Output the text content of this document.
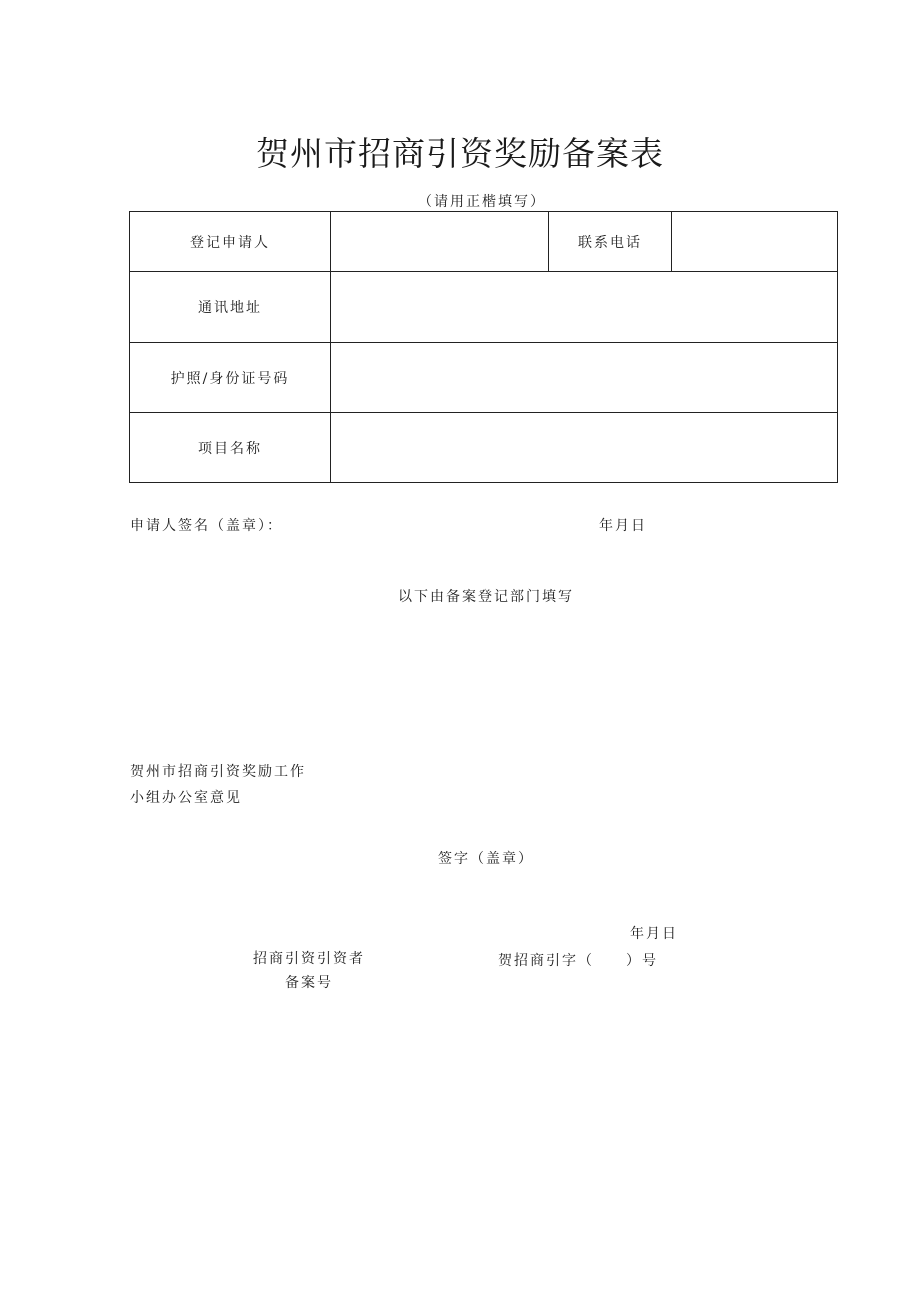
贺州市招商引资奖励备案表
（请用正楷填写）
登记申请人		联系电话	
通讯地址			
护照/身份证号码			
项目名称			
申请人签名（盖章）：	年月日
以下由备案登记部门填写
贺州市招商引资奖励工作
小组办公室意见
签字（盖章）
年月日
招商引资引资者
备案号
贺招商引字（　　）号
